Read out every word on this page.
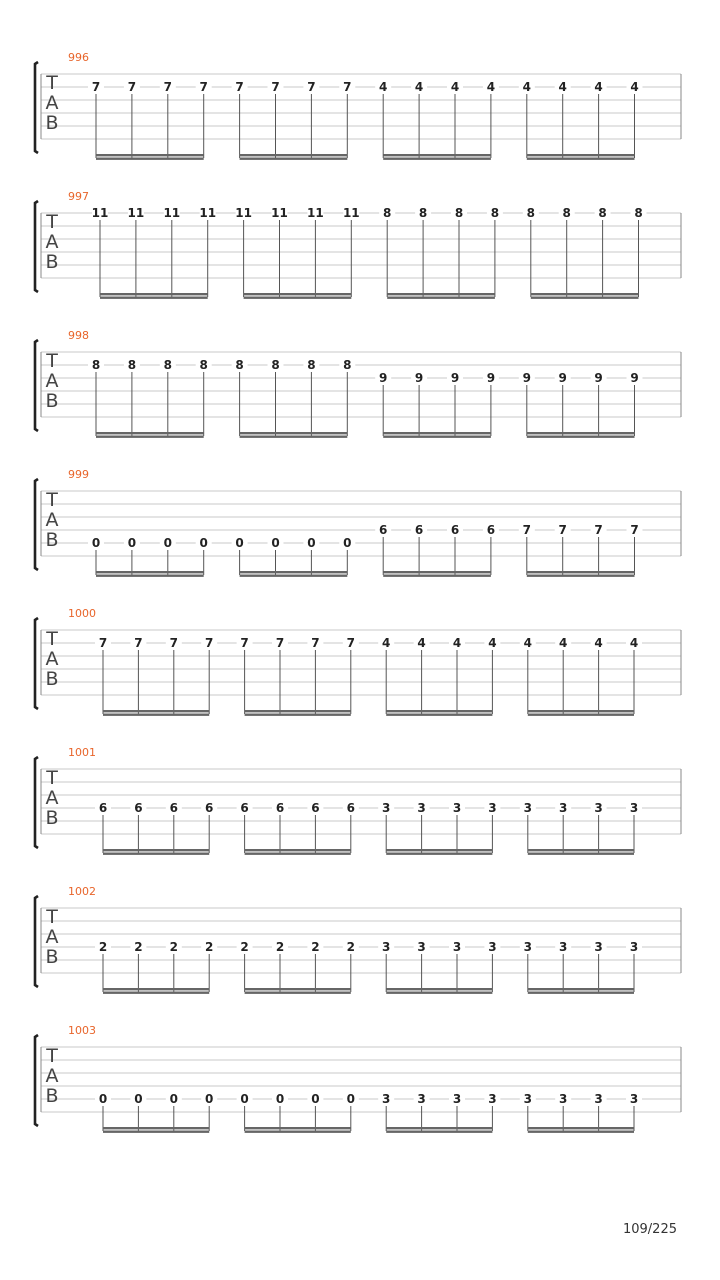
T
A
B
996
7 7 7 7 7 7 7 7 4 4 4 4 4 4 4 4
T
A
B
997
11 11 11 11 11 11 11 11 8 8 8 8 8 8 8 8
T
A
B
998
8 8 8 8 8 8 8 8
9 9 9 9 9 9 9 9
T
A
B
999
0 0 0 0 0 0 0 0
6 6 6 6 7 7 7 7
T
A
B
1000
7 7 7 7 7 7 7 7 4 4 4 4 4 4 4 4
T
A
B
1001
6 6 6 6 6 6 6 6 3 3 3 3 3 3 3 3
T
A
B
1002
2 2 2 2 2 2 2 2 3 3 3 3 3 3 3 3
T
A
B
1003
0 0 0 0 0 0 0 0 3 3 3 3 3 3 3 3
109/225
